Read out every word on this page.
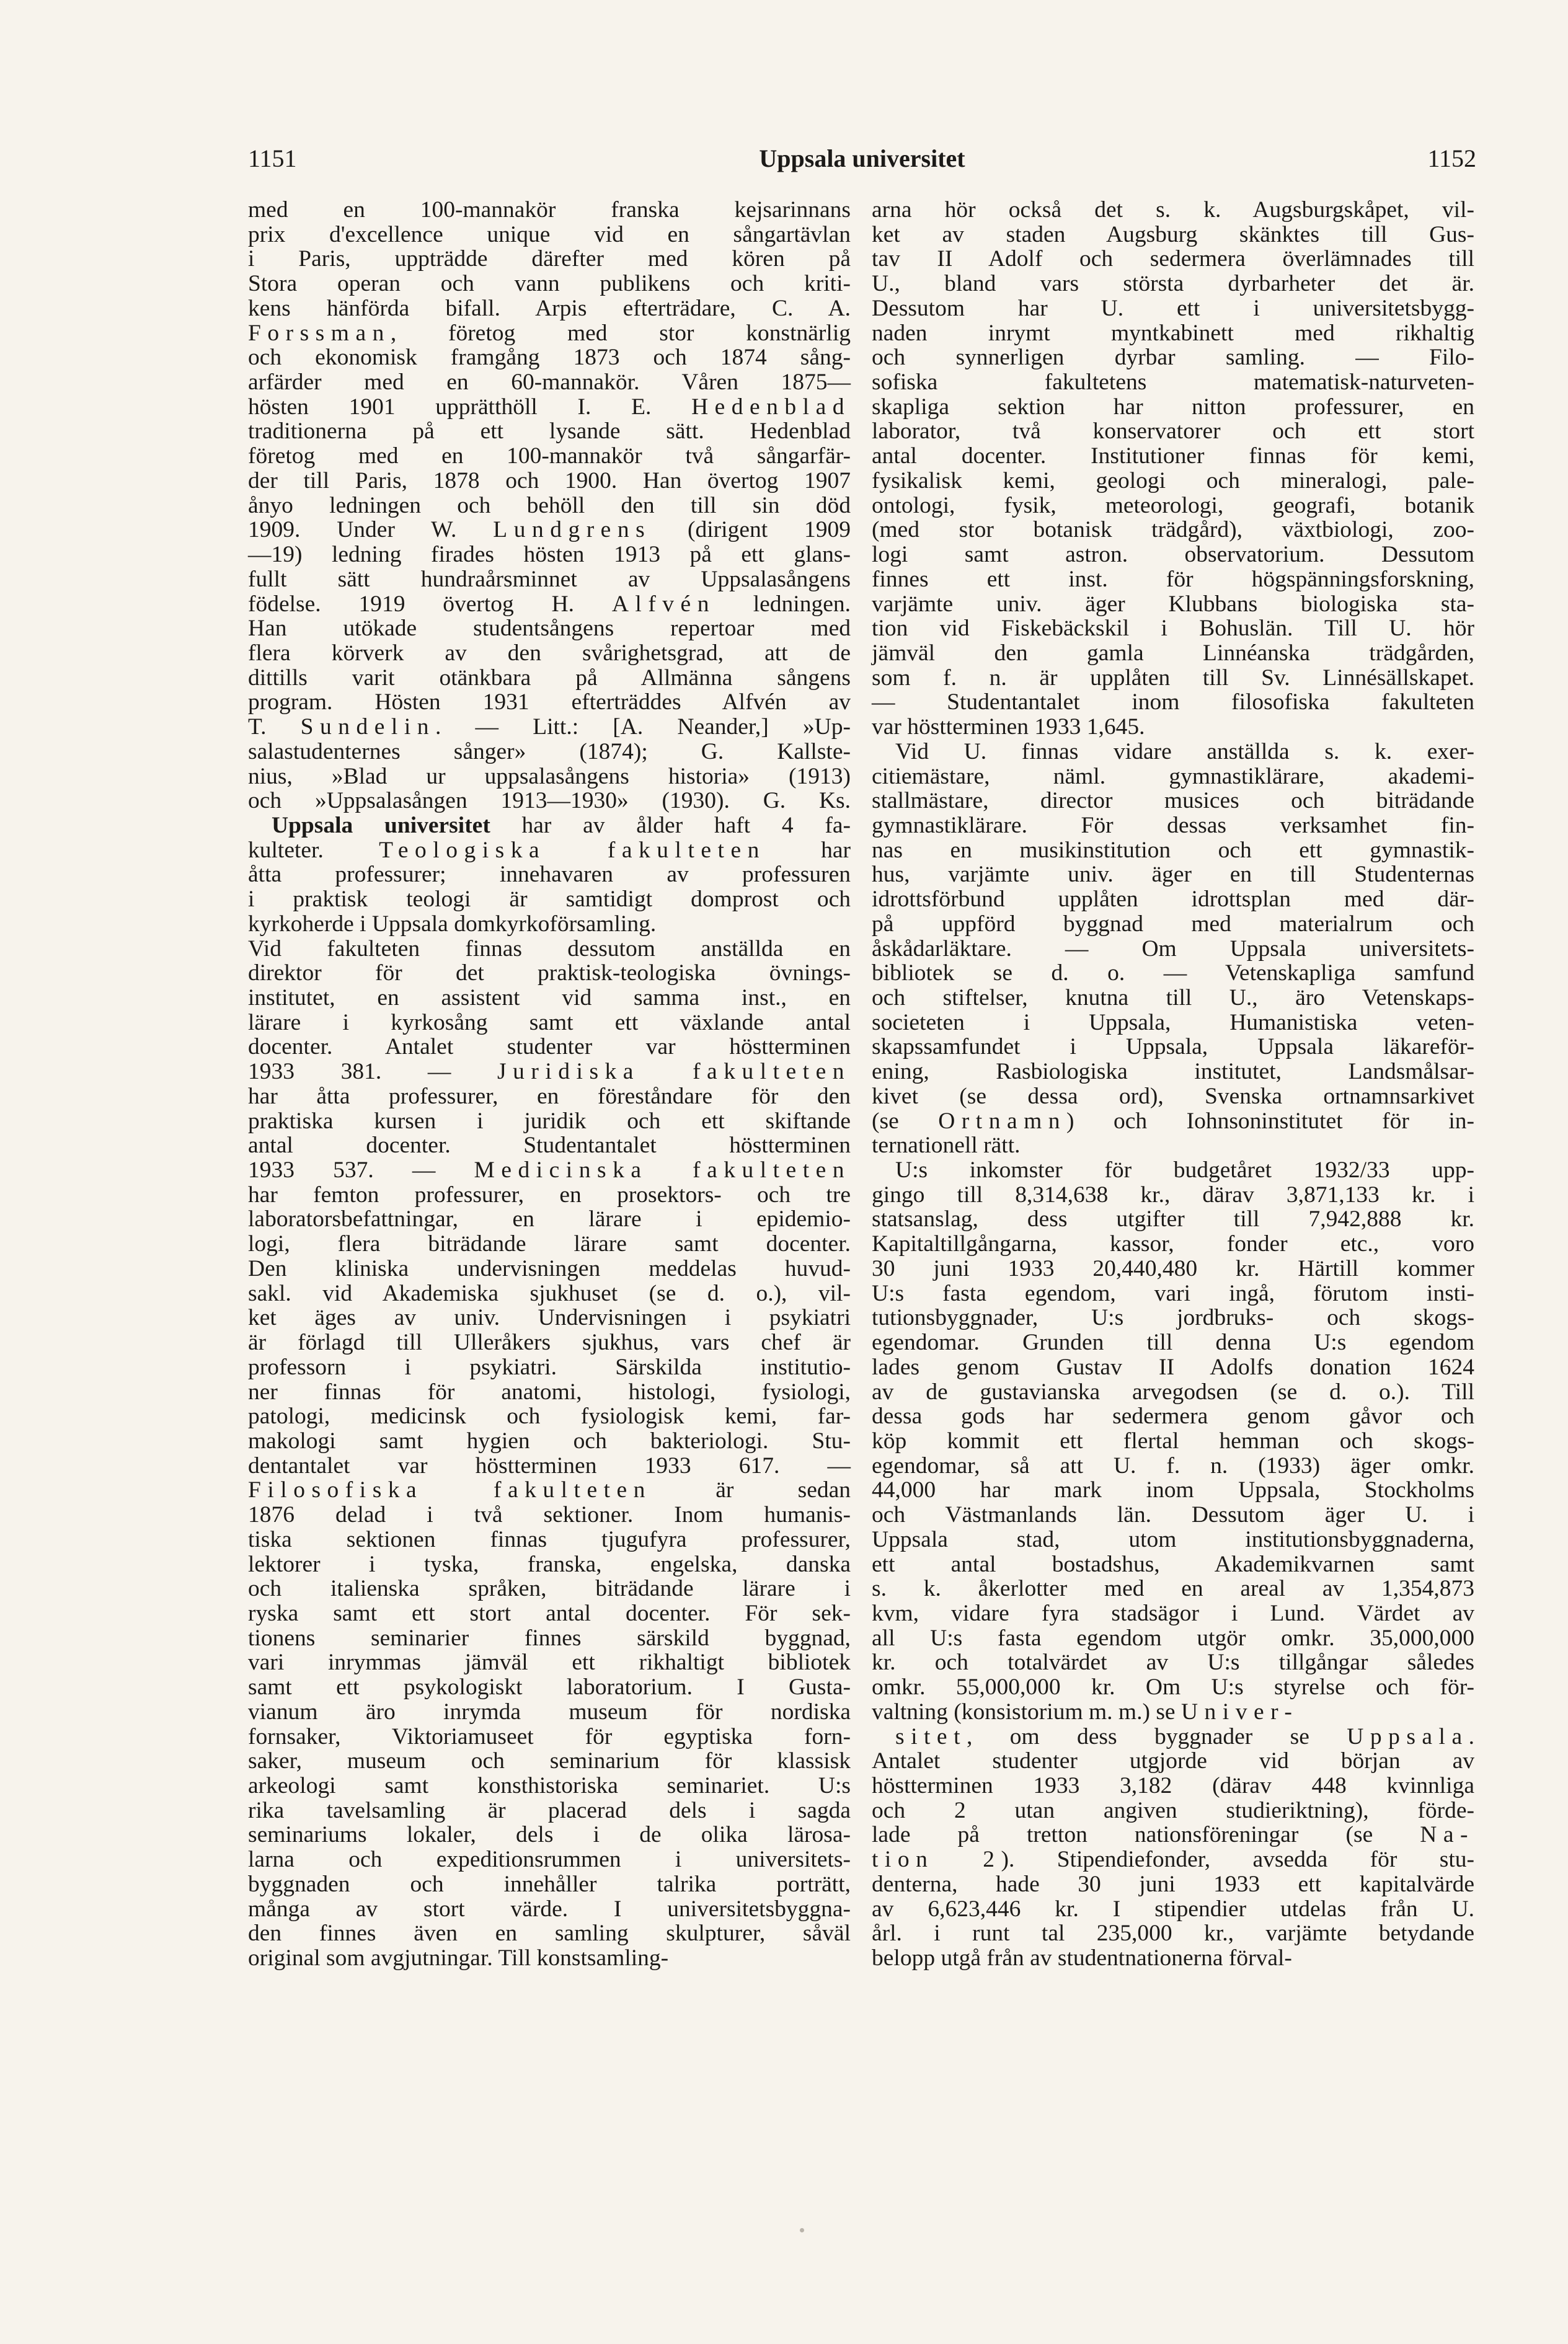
1151	Uppsala universitet	1152
med en 100-mannakör franska kejsarinnans
prix d'excellence unique vid en sångartävlan
i Paris, uppträdde därefter med kören på
Stora operan och vann publikens och kriti-
kens hänförda bifall. Arpis efterträdare, C. A.
Forssman, företog med stor konstnärlig
och ekonomisk framgång 1873 och 1874 sång-
arfärder med en 60-mannakör. Våren 1875—
hösten 1901 upprätthöll I. E. Hedenblad
traditionerna på ett lysande sätt. Hedenblad
företog med en 100-mannakör två sångarfär-
der till Paris, 1878 och 1900. Han övertog 1907
ånyo ledningen och behöll den till sin död
1909. Under W. Lundgrens (dirigent 1909
—19) ledning firades hösten 1913 på ett glans-
fullt sätt hundraårsminnet av Uppsalasångens
födelse. 1919 övertog H. Alfvén ledningen.
Han utökade studentsångens repertoar med
flera körverk av den svårighetsgrad, att de
dittills varit otänkbara på Allmänna sångens
program. Hösten 1931 efterträddes Alfvén av
T. Sundelin. — Litt.: [A. Neander,] »Up-
salastudenternes sånger» (1874); G. Kallste-
nius, »Blad ur uppsalasångens historia» (1913)
och »Uppsalasången 1913—1930» (1930). G. Ks.
Uppsala universitet har av ålder haft 4 fa-
kulteter. Teologiska fakulteten har
åtta professurer; innehavaren av professuren
i praktisk teologi är samtidigt domprost och
kyrkoherde i Uppsala domkyrkoförsamling.
Vid fakulteten finnas dessutom anställda en
direktor för det praktisk-teologiska övnings-
institutet, en assistent vid samma inst., en
lärare i kyrkosång samt ett växlande antal
docenter. Antalet studenter var höstterminen
1933 381. — Juridiska fakulteten
har åtta professurer, en föreståndare för den
praktiska kursen i juridik och ett skiftande
antal docenter. Studentantalet höstterminen
1933 537. — Medicinska fakulteten
har femton professurer, en prosektors- och tre
laboratorsbefattningar, en lärare i epidemio-
logi, flera biträdande lärare samt docenter.
Den kliniska undervisningen meddelas huvud-
sakl. vid Akademiska sjukhuset (se d. o.), vil-
ket äges av univ. Undervisningen i psykiatri
är förlagd till Ulleråkers sjukhus, vars chef är
professorn i psykiatri. Särskilda institutio-
ner finnas för anatomi, histologi, fysiologi,
patologi, medicinsk och fysiologisk kemi, far-
makologi samt hygien och bakteriologi. Stu-
dentantalet var höstterminen 1933 617. —
Filosofiska fakulteten är sedan
1876 delad i två sektioner. Inom humanis-
tiska sektionen finnas tjugufyra professurer,
lektorer i tyska, franska, engelska, danska
och italienska språken, biträdande lärare i
ryska samt ett stort antal docenter. För sek-
tionens seminarier finnes särskild byggnad,
vari inrymmas jämväl ett rikhaltigt bibliotek
samt ett psykologiskt laboratorium. I Gusta-
vianum äro inrymda museum för nordiska
fornsaker, Viktoriamuseet för egyptiska forn-
saker, museum och seminarium för klassisk
arkeologi samt konsthistoriska seminariet. U:s
rika tavelsamling är placerad dels i sagda
seminariums lokaler, dels i de olika lärosa-
larna och expeditionsrummen i universitets-
byggnaden och innehåller talrika porträtt,
många av stort värde. I universitetsbyggna-
den finnes även en samling skulpturer, såväl
original som avgjutningar. Till konstsamling-
arna hör också det s. k. Augsburgskåpet, vil-
ket av staden Augsburg skänktes till Gus-
tav II Adolf och sedermera överlämnades till
U., bland vars största dyrbarheter det är.
Dessutom har U. ett i universitetsbygg-
naden inrymt myntkabinett med rikhaltig
och synnerligen dyrbar samling. — Filo-
sofiska fakultetens matematisk-naturveten-
skapliga sektion har nitton professurer, en
laborator, två konservatorer och ett stort
antal docenter. Institutioner finnas för kemi,
fysikalisk kemi, geologi och mineralogi, pale-
ontologi, fysik, meteorologi, geografi, botanik
(med stor botanisk trädgård), växtbiologi, zoo-
logi samt astron. observatorium. Dessutom
finnes ett inst. för högspänningsforskning,
varjämte univ. äger Klubbans biologiska sta-
tion vid Fiskebäckskil i Bohuslän. Till U. hör
jämväl den gamla Linnéanska trädgården,
som f. n. är upplåten till Sv. Linnésällskapet.
— Studentantalet inom filosofiska fakulteten
var höstterminen 1933 1,645.
Vid U. finnas vidare anställda s. k. exer-
citiemästare, näml. gymnastiklärare, akademi-
stallmästare, director musices och biträdande
gymnastiklärare. För dessas verksamhet fin-
nas en musikinstitution och ett gymnastik-
hus, varjämte univ. äger en till Studenternas
idrottsförbund upplåten idrottsplan med där-
på uppförd byggnad med materialrum och
åskådarläktare. — Om Uppsala universitets-
bibliotek se d. o. — Vetenskapliga samfund
och stiftelser, knutna till U., äro Vetenskaps-
societeten i Uppsala, Humanistiska veten-
skapssamfundet i Uppsala, Uppsala läkareför-
ening, Rasbiologiska institutet, Landsmålsar-
kivet (se dessa ord), Svenska ortnamnsarkivet
(se Ortnamn) och Iohnsoninstitutet för in-
ternationell rätt.
U:s inkomster för budgetåret 1932/33 upp-
gingo till 8,314,638 kr., därav 3,871,133 kr. i
statsanslag, dess utgifter till 7,942,888 kr.
Kapitaltillgångarna, kassor, fonder etc., voro
30 juni 1933 20,440,480 kr. Härtill kommer
U:s fasta egendom, vari ingå, förutom insti-
tutionsbyggnader, U:s jordbruks- och skogs-
egendomar. Grunden till denna U:s egendom
lades genom Gustav II Adolfs donation 1624
av de gustavianska arvegodsen (se d. o.). Till
dessa gods har sedermera genom gåvor och
köp kommit ett flertal hemman och skogs-
egendomar, så att U. f. n. (1933) äger omkr.
44,000 har mark inom Uppsala, Stockholms
och Västmanlands län. Dessutom äger U. i
Uppsala stad, utom institutionsbyggnaderna,
ett antal bostadshus, Akademikvarnen samt
s. k. åkerlotter med en areal av 1,354,873
kvm, vidare fyra stadsägor i Lund. Värdet av
all U:s fasta egendom utgör omkr. 35,000,000
kr. och totalvärdet av U:s tillgångar således
omkr. 55,000,000 kr. Om U:s styrelse och för-
valtning (konsistorium m. m.) se Univer-
sitet, om dess byggnader se Uppsala.
Antalet studenter utgjorde vid början av
höstterminen 1933 3,182 (därav 448 kvinnliga
och 2 utan angiven studieriktning), förde-
lade på tretton nationsföreningar (se Na-
tion 2). Stipendiefonder, avsedda för stu-
denterna, hade 30 juni 1933 ett kapitalvärde
av 6,623,446 kr. I stipendier utdelas från U.
årl. i runt tal 235,000 kr., varjämte betydande
belopp utgå från av studentnationerna förval-
